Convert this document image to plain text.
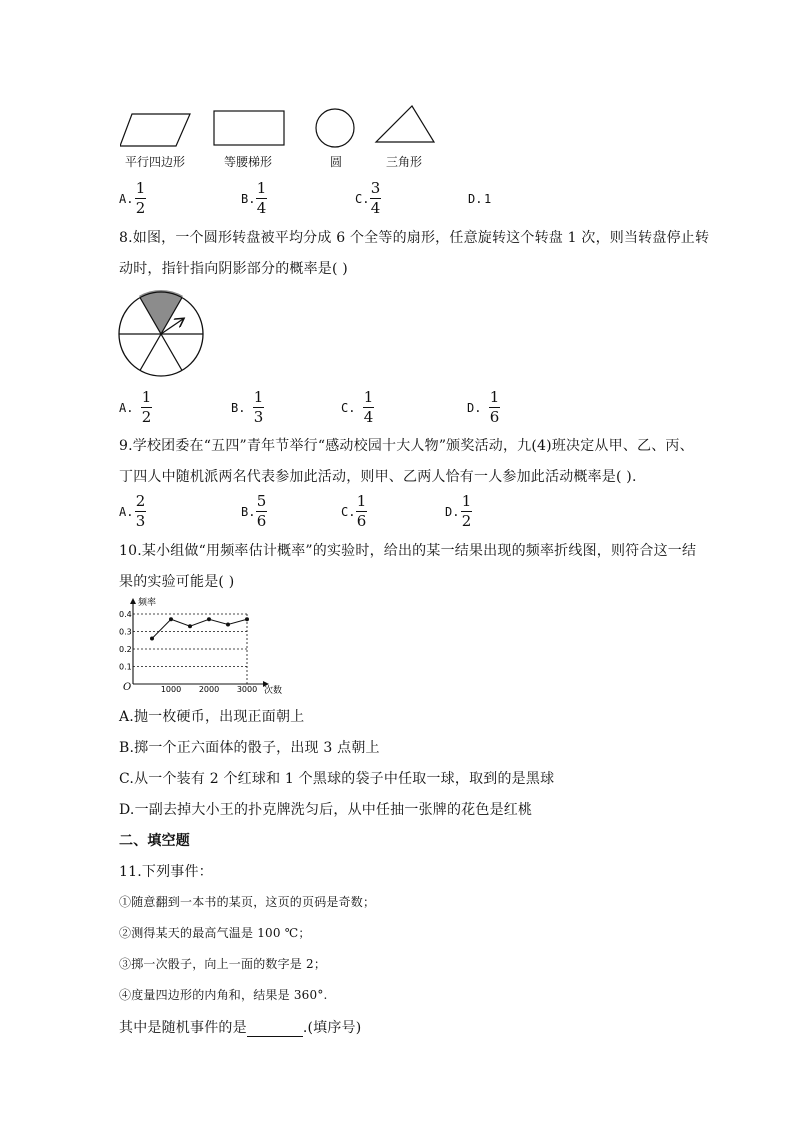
平行四边形	等腰梯形	圆	三角形
A.
1
2	B.
1
4	C.
3
4	D. 1
8.如图，一个圆形转盘被平均分成 6 个全等的扇形，任意旋转这个转盘 1 次，则当转盘停止转
动时，指针指向阴影部分的概率是( )
A.
1
2	B.
1
3	C.
1
4	D.
1
6
9.学校团委在“五四”青年节举行“感动校园十大人物”颁奖活动，九(4)班决定从甲、乙、丙、
丁四人中随机派两名代表参加此活动，则甲、乙两人恰有一人参加此活动概率是( ).
A.
2
3	B.
5
6	C.
1
6	D.
1
2
10.某小组做“用频率估计概率”的实验时，给出的某一结果出现的频率折线图，则符合这一结
果的实验可能是( )
频率
次数
O
0.4
0.3
0.2
0.1
1000 2000 3000
A.抛一枚硬币，出现正面朝上
B.掷一个正六面体的骰子，出现 3 点朝上
C.从一个装有 2 个红球和 1 个黑球的袋子中任取一球，取到的是黑球
D.一副去掉大小王的扑克牌洗匀后，从中任抽一张牌的花色是红桃
二、填空题
11.下列事件：
①随意翻到一本书的某页，这页的页码是奇数；
②测得某天的最高气温是 100 ℃；
③掷一次骰子，向上一面的数字是 2；
④度量四边形的内角和，结果是 360°.
其中是随机事件的是	.(填序号)
